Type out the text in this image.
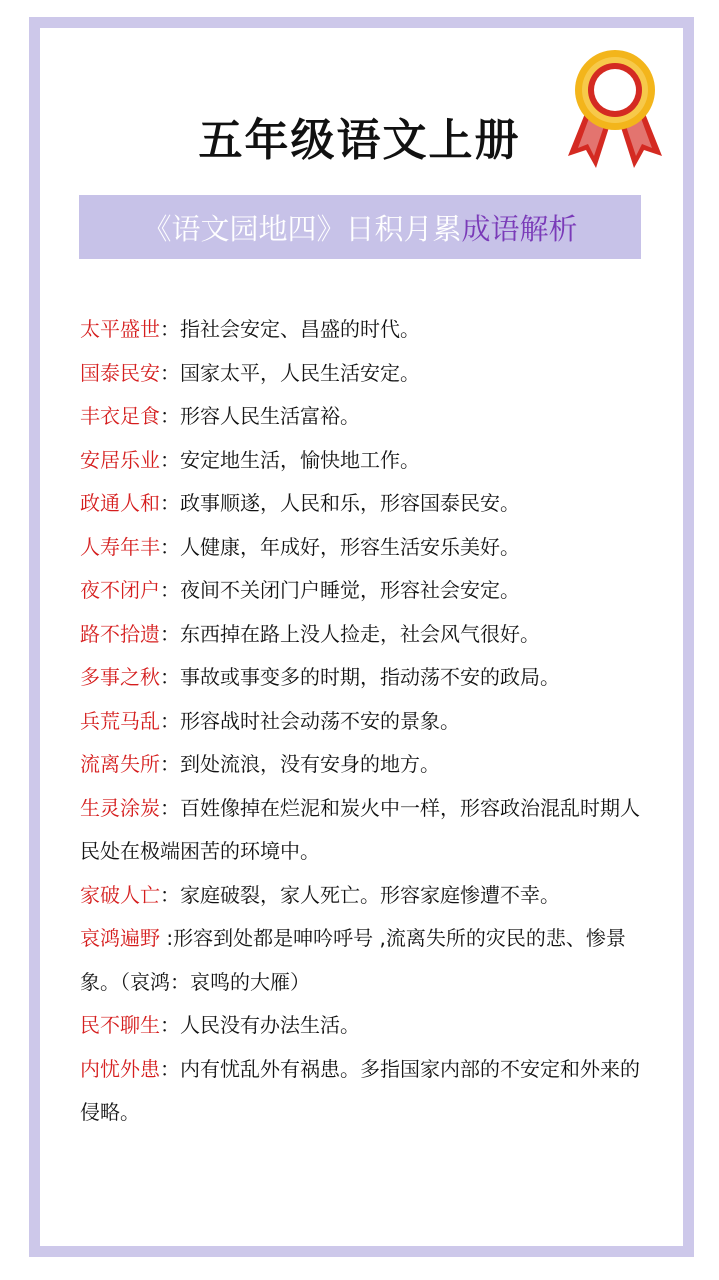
五年级语文上册
《语文园地四》日积月累 成语解析

太平盛世：指社会安定、昌盛的时代。

国泰民安：国家太平，人民生活安定。

丰衣足食：形容人民生活富裕。

安居乐业：安定地生活，愉快地工作。

政通人和：政事顺遂，人民和乐，形容国泰民安。

人寿年丰：人健康，年成好，形容生活安乐美好。

夜不闭户：夜间不关闭门户睡觉，形容社会安定。

路不拾遗：东西掉在路上没人捡走，社会风气很好。

多事之秋：事故或事变多的时期，指动荡不安的政局。

兵荒马乱：形容战时社会动荡不安的景象。

流离失所：到处流浪，没有安身的地方。

生灵涂炭：百姓像掉在烂泥和炭火中一样，形容政治混乱时期人民处在极端困苦的环境中。

家破人亡：家庭破裂，家人死亡。形容家庭惨遭不幸。

哀鸿遍野 :形容到处都是呻吟呼号 ,流离失所的灾民的悲、惨景象。（哀鸿：哀鸣的大雁）

民不聊生：人民没有办法生活。

内忧外患：内有忧乱外有祸患。多指国家内部的不安定和外来的侵略。
